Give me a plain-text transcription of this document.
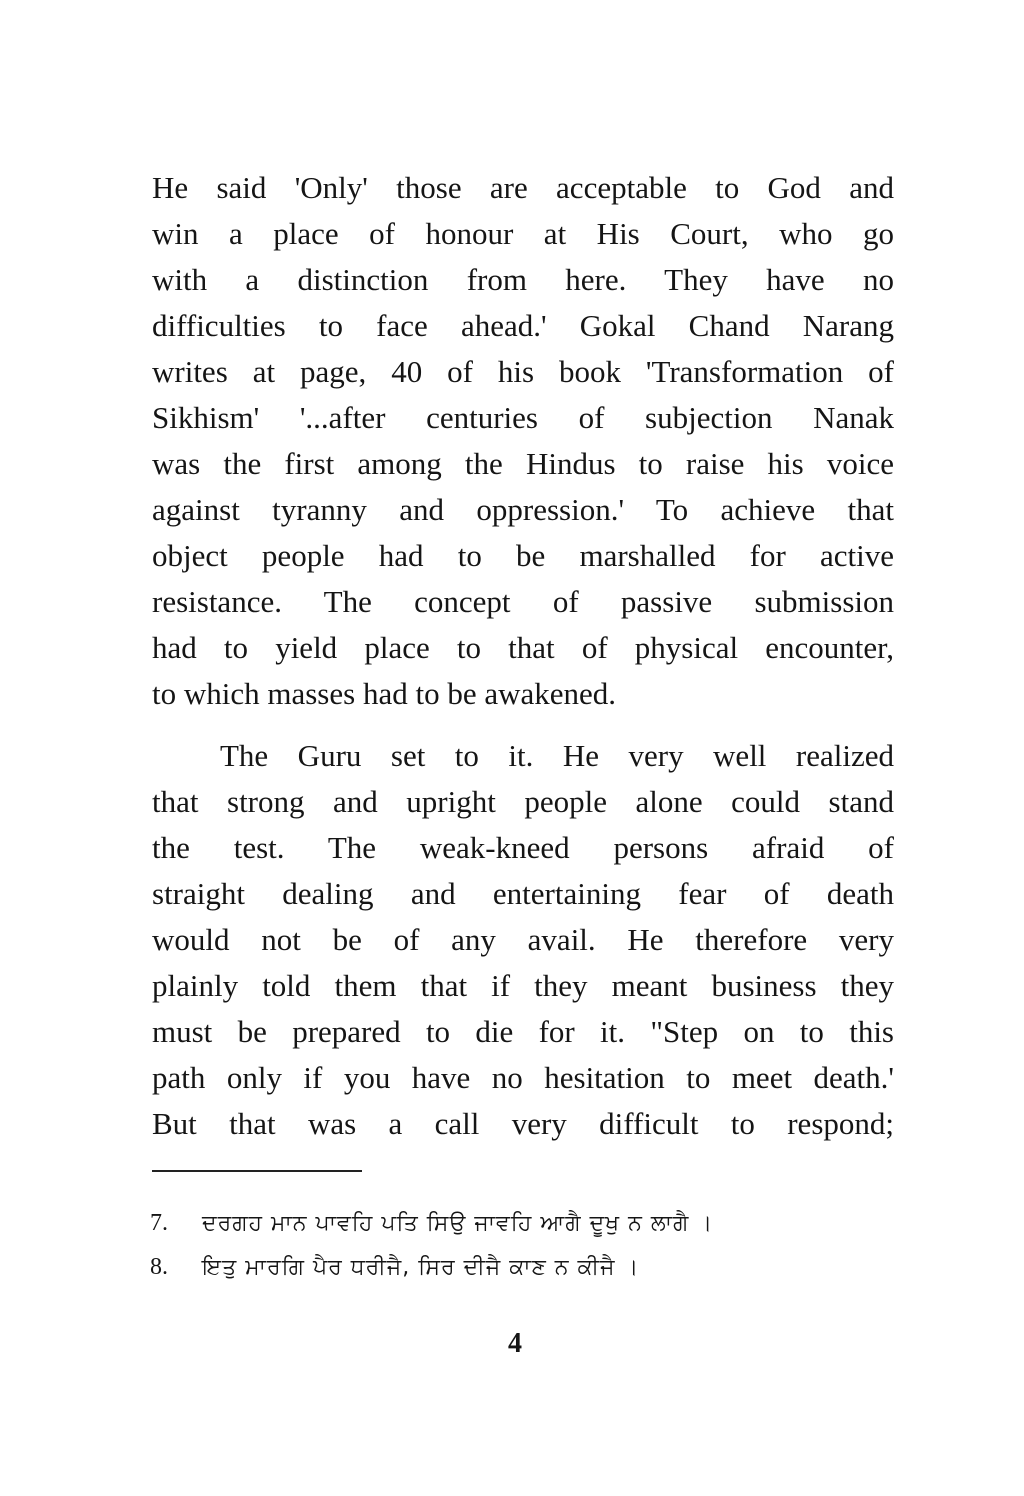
He said 'Only' those are acceptable to God and
win a place of honour at His Court, who go
with a distinction from here. They have no
difficulties to face ahead.' Gokal Chand Narang
writes at page, 40 of his book 'Transformation of
Sikhism' '...after centuries of subjection Nanak
was the first among the Hindus to raise his voice
against tyranny and oppression.' To achieve that
object people had to be marshalled for active
resistance. The concept of passive submission
had to yield place to that of physical encounter,
to which masses had to be awakened.

The Guru set to it. He very well realized
that strong and upright people alone could stand
the test. The weak-kneed persons afraid of
straight dealing and entertaining fear of death
would not be of any avail. He therefore very
plainly told them that if they meant business they
must be prepared to die for it. "Step on to this
path only if you have no hesitation to meet death.'
But that was a call very difficult to respond;

7. ਦਰਗਹ ਮਾਨ ਪਾਵਹਿ ਪਤਿ ਸਿਉ ਜਾਵਹਿ ਆਗੈ ਦੂਖੁ ਨ ਲਾਗੈ ।
8. ਇਤੁ ਮਾਰਗਿ ਪੈਰ ਧਰੀਜੈ, ਸਿਰ ਦੀਜੈ ਕਾਣ ਨ ਕੀਜੈ ।
4
